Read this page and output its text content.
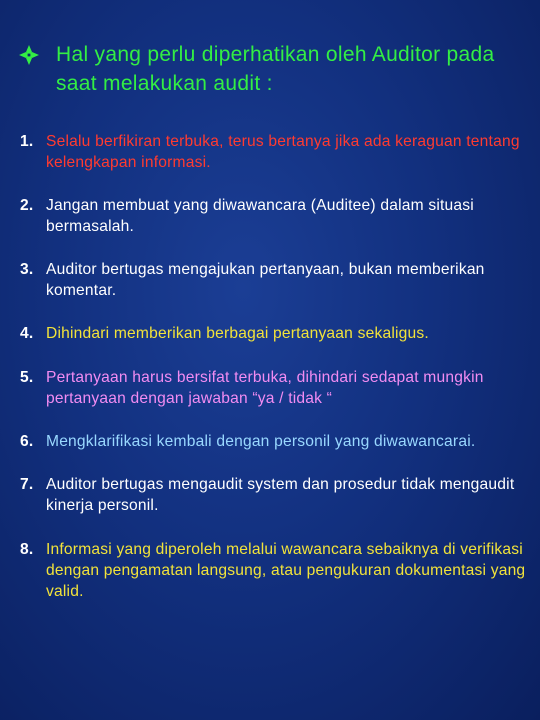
Hal yang perlu diperhatikan oleh Auditor pada saat melakukan audit :
1. Selalu berfikiran terbuka, terus bertanya jika ada keraguan tentang kelengkapan informasi.
2. Jangan membuat yang diwawancara (Auditee) dalam situasi bermasalah.
3. Auditor bertugas mengajukan pertanyaan, bukan memberikan komentar.
4. Dihindari memberikan berbagai pertanyaan sekaligus.
5. Pertanyaan harus bersifat terbuka, dihindari sedapat mungkin pertanyaan dengan jawaban “ya / tidak “
6. Mengklarifikasi kembali dengan personil yang diwawancarai.
7. Auditor bertugas mengaudit system dan prosedur tidak mengaudit kinerja personil.
8. Informasi yang diperoleh melalui wawancara sebaiknya di verifikasi dengan pengamatan langsung, atau pengukuran dokumentasi yang valid.
